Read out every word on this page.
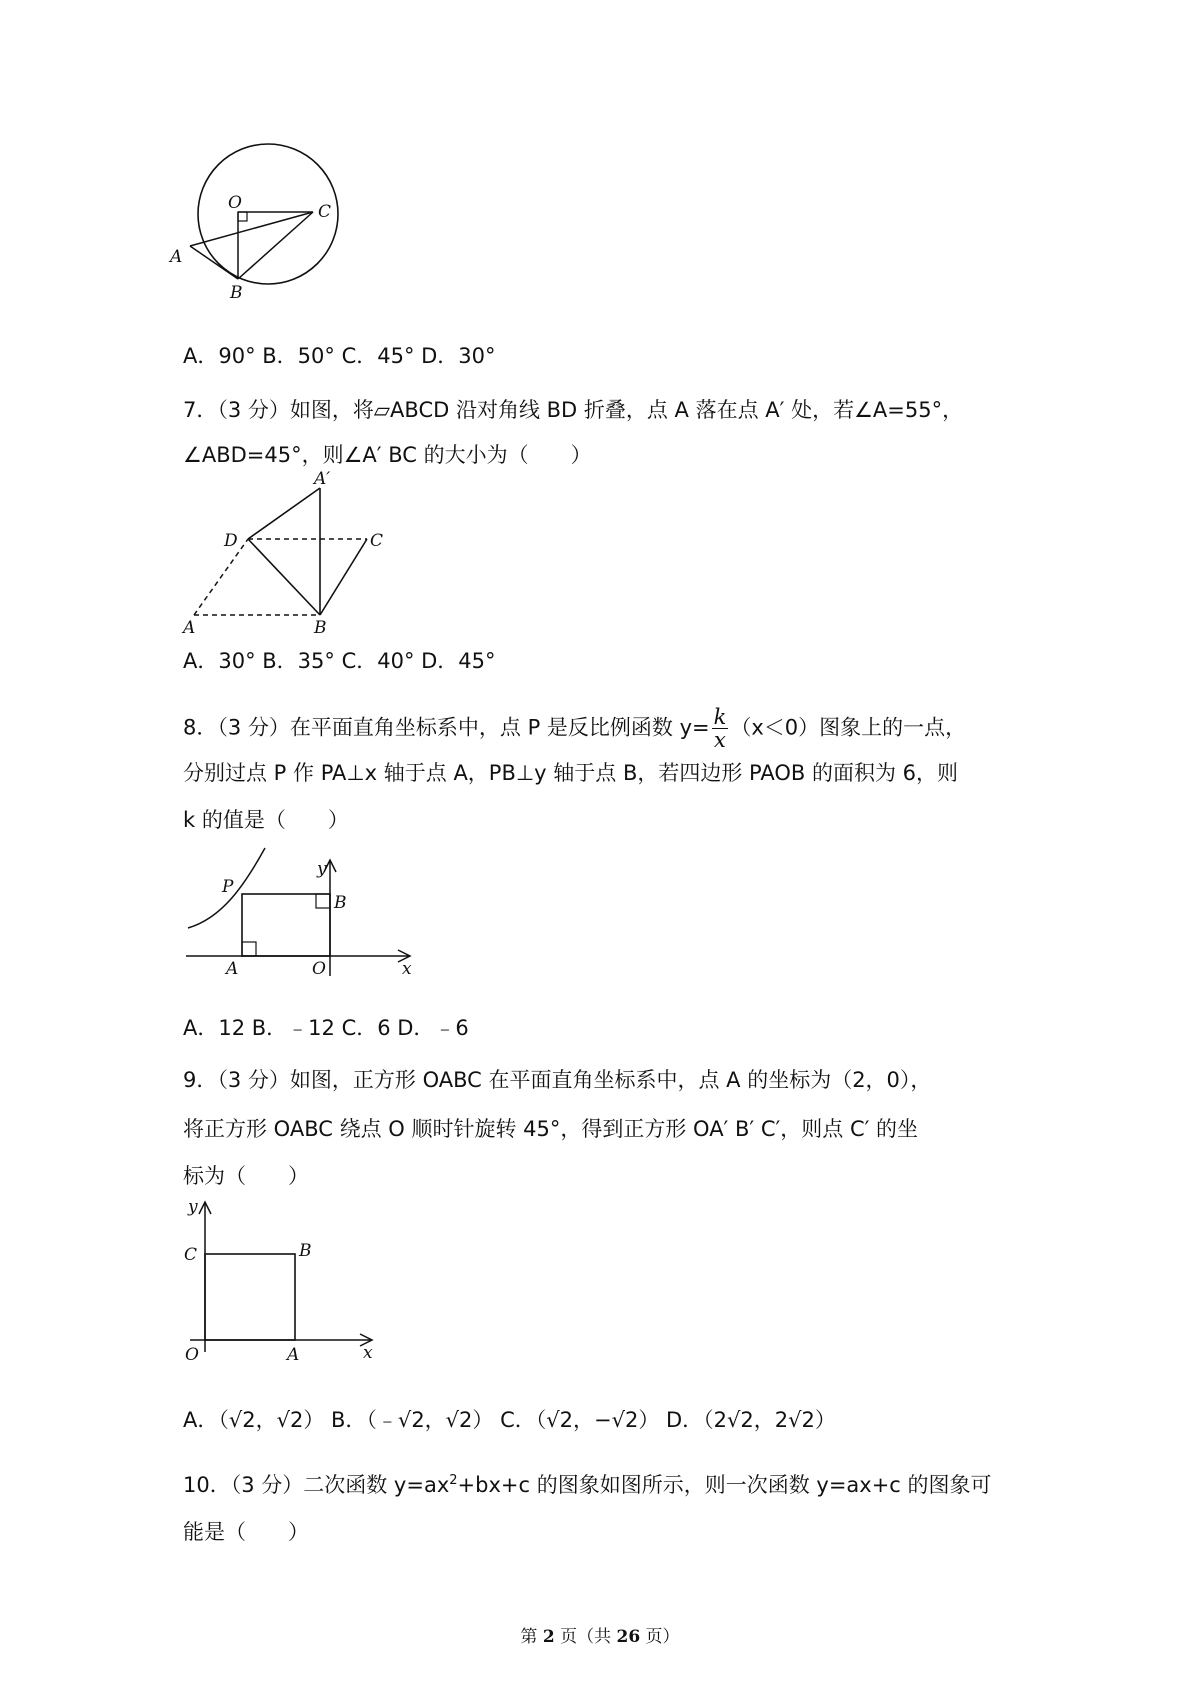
O	C
A
B
A．90° B．50° C．45° D．30°
7．（3 分）如图，将▱ABCD 沿对角线 BD 折叠，点 A 落在点 A′ 处，若∠A=55°，
∠ABD=45°，则∠A′ BC 的大小为（　　）
A′
D	C
A	B
A．30° B．35° C．40° D．45°
8．（3 分）在平面直角坐标系中，点 P 是反比例函数 $y= \frac{k}{x} (x<0)$图象上的一点，
分别过点 P 作 PA⊥x 轴于点 A，PB⊥y 轴于点 B，若四边形 PAOB 的面积为 6，则
k 的值是（　　）
P
y
B
A	O	x
A．12 B．﹣12 C．6 D．﹣6
9．（3 分）如图，正方形 OABC 在平面直角坐标系中，点 A 的坐标为（2，0），
将正方形 OABC 绕点 O 顺时针旋转 45°，得到正方形 OA′ B′ C′，则点 C′ 的坐
标为（　　）
y
C	B
O	A	x
A．（√2，√2） B．（﹣√2，√2） C．（√2，−√2） D．（2√2，2√2）
10．（3 分）二次函数 $y=ax^2+bx+c$ 的图象如图所示，则一次函数 y=ax+c 的图象可
能是（　　）
第 2 页（共 26 页）
